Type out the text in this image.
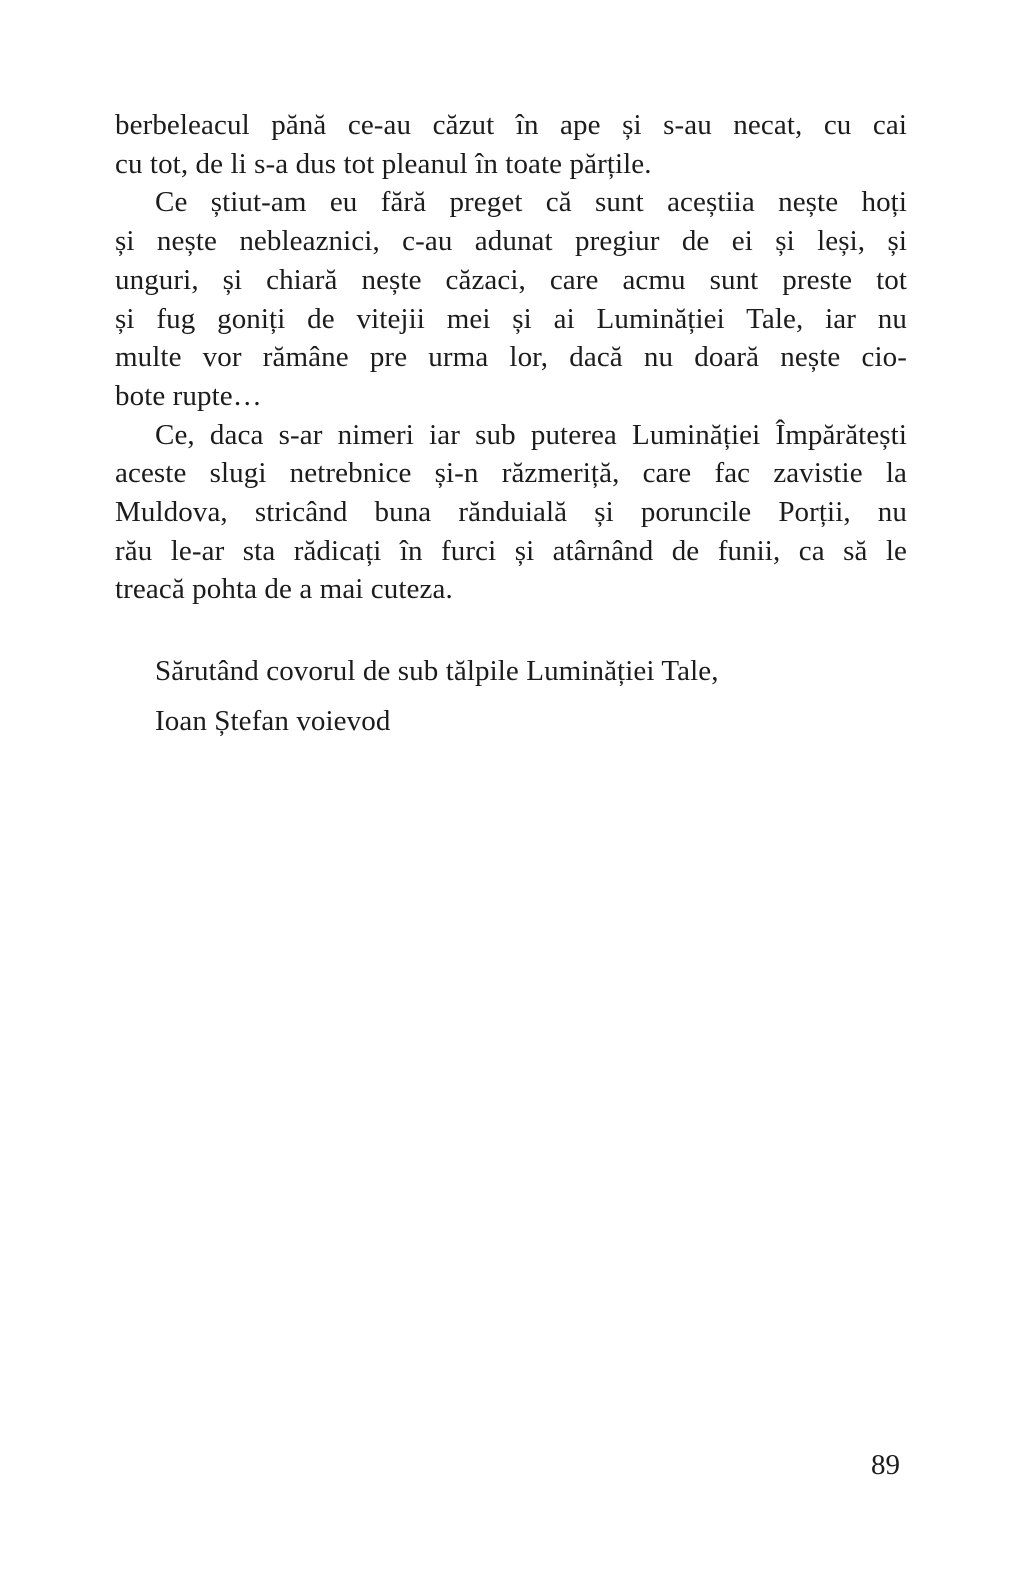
berbeleacul pănă ce-au căzut în ape și s-au necat, cu cai
cu tot, de li s-a dus tot pleanul în toate părțile.
Ce știut-am eu fără preget că sunt aceștiia nește hoți
și nește nebleaznici, c-au adunat pregiur de ei și leși, și
unguri, și chiară nește căzaci, care acmu sunt preste tot
și fug goniți de vitejii mei și ai Luminăției Tale, iar nu
multe vor rămâne pre urma lor, dacă nu doară nește cio-
bote rupte…
Ce, daca s-ar nimeri iar sub puterea Luminăției Împărătești
aceste slugi netrebnice și-n răzmeriță, care fac zavistie la
Muldova, stricând buna rănduială și poruncile Porții, nu
rău le-ar sta rădicați în furci și atârnând de funii, ca să le
treacă pohta de a mai cuteza.
Sărutând covorul de sub tălpile Luminăției Tale,
Ioan Ștefan voievod
89
